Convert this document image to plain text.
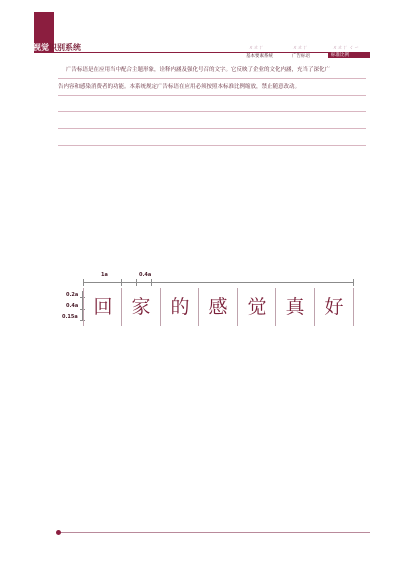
视觉识别系统	ㄨㄤㄚ	ㄨㄤㄚ	ㄨㄤㄚ ㄑㄧ
基本要素系统	广告标语	标准比例
广告标语是在应用当中配合主题形象，诠释内涵及强化号召的文字。它反映了企业的文化内涵，充当了深化广
告内容和感染消费者的功能。本系统规定广告标语在应用必须按照本标准比例缩放，禁止随意改动。
1a	0.4a
0.2a
0.4a
0.15a 回 家	的 感	觉 真	好
